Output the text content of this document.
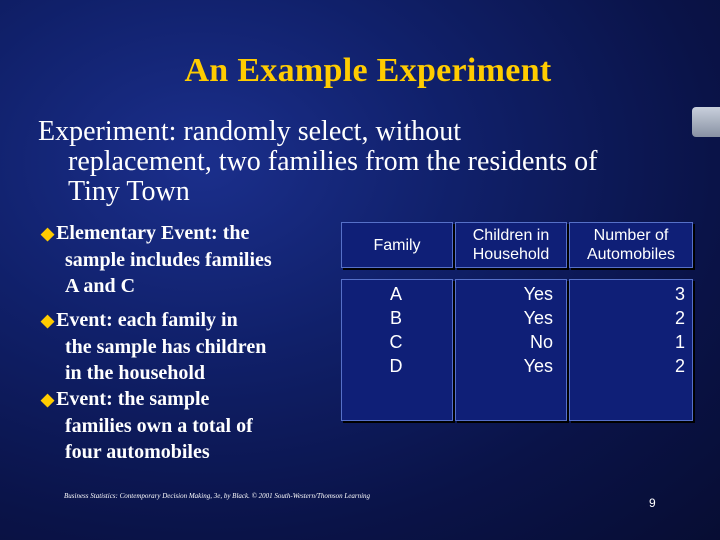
An Example Experiment
Experiment: randomly select, without
replacement, two families from the residents of
Tiny Town
◆ Elementary Event: the
sample includes families
A and C
◆ Event: each family in
the sample has children
in the household
◆ Event: the sample
families own a total of
four automobiles
Family
Children in
Household
Number of
Automobiles
A
B
C
D
Yes
Yes
No
Yes
3
2
1
2
Business Statistics: Contemporary Decision Making, 3e, by Black. © 2001 South-Western/Thomson Learning	9
